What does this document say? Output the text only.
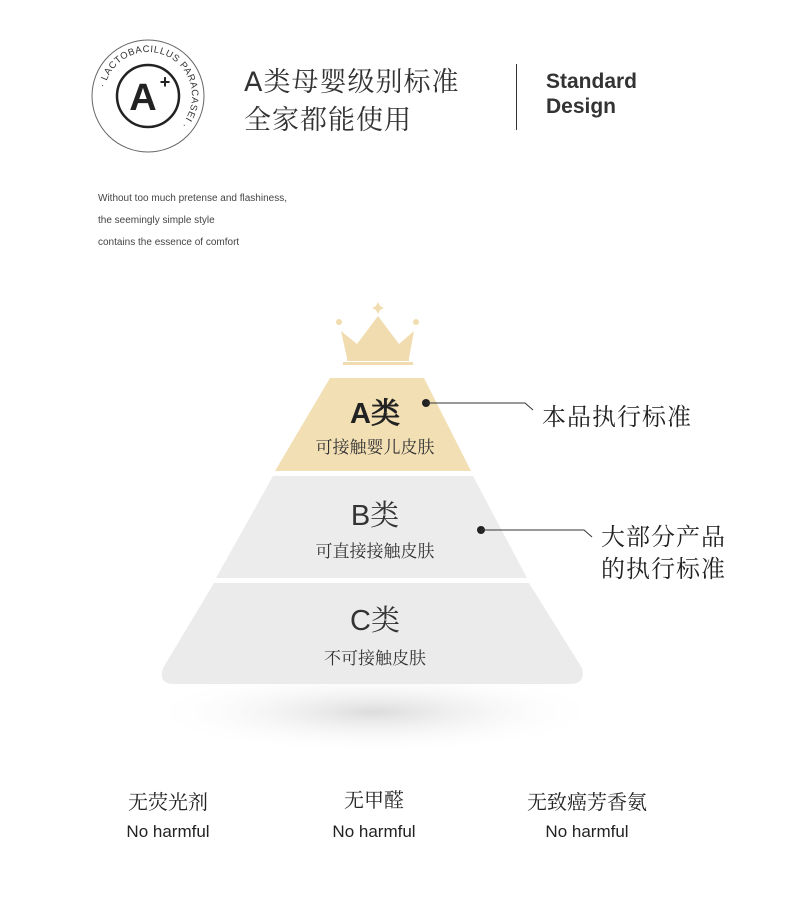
· LACTOBACILLUS PARACASEI ·
A +	A类母婴级别标准
全家都能使用
Standard
Design
Without too much pretense and flashiness,
the seemingly simple style
contains the essence of comfort
A类
可接触婴儿皮肤
B类
可直接接触皮肤
C类
不可接触皮肤
本品执行标准
大部分产品
的执行标准
无荧光剂
No harmful
无甲醛
No harmful
无致癌芳香氨
No harmful
